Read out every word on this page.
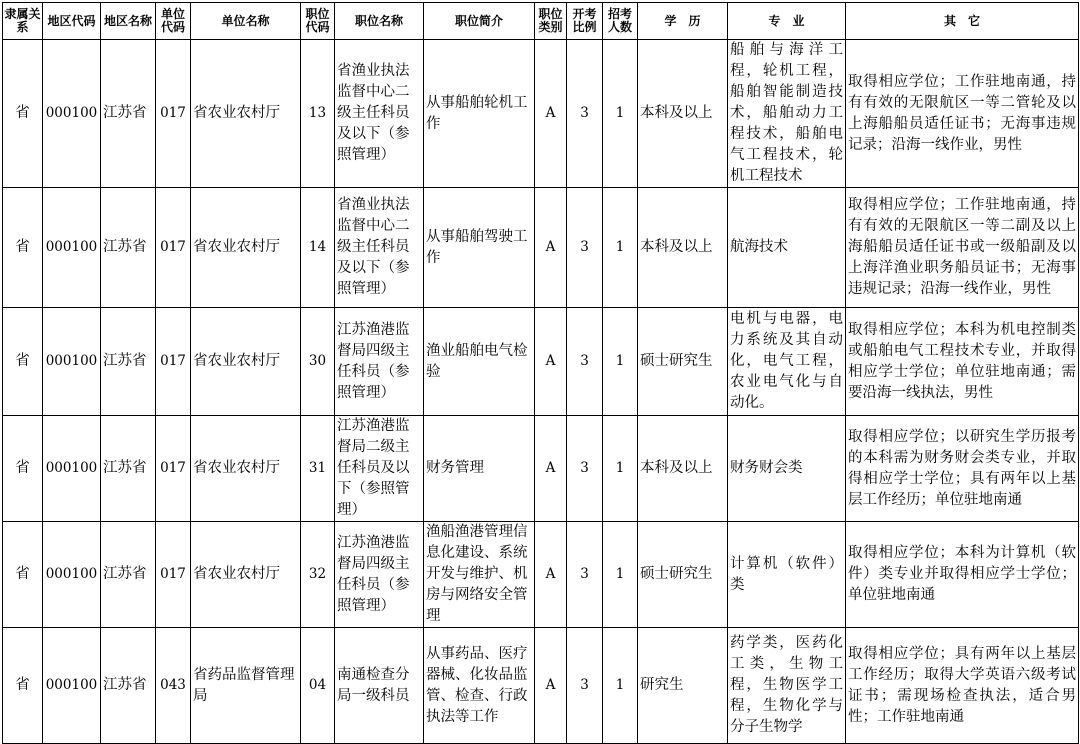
隶属关系	地区代码	地区名称	单位代码	单位名称	职位代码	职位名称	职位简介	职位类别	开考比例	招考人数	学　历	专　业	其　它
省	000100	江苏省	017	省农业农村厅	13	省渔业执法监督中心二级主任科员及以下（参照管理）	从事船舶轮机工作	A	3	1	本科及以上	船舶与海洋工程，轮机工程，船舶智能制造技术，船舶动力工程技术，船舶电气工程技术，轮机工程技术	取得相应学位；工作驻地南通，持有有效的无限航区一等二管轮及以上海船船员适任证书；无海事违规记录；沿海一线作业，男性
省	000100	江苏省	017	省农业农村厅	14	省渔业执法监督中心二级主任科员及以下（参照管理）	从事船舶驾驶工作	A	3	1	本科及以上	航海技术	取得相应学位；工作驻地南通，持有有效的无限航区一等二副及以上海船船员适任证书或一级船副及以上海洋渔业职务船员证书；无海事违规记录；沿海一线作业，男性
省	000100	江苏省	017	省农业农村厅	30	江苏渔港监督局四级主任科员（参照管理）	渔业船舶电气检验	A	3	1	硕士研究生	电机与电器，电力系统及其自动化，电气工程，农业电气化与自动化。	取得相应学位；本科为机电控制类或船舶电气工程技术专业，并取得相应学士学位；单位驻地南通；需要沿海一线执法，男性
省	000100	江苏省	017	省农业农村厅	31	江苏渔港监督局二级主任科员及以下（参照管理）	财务管理	A	3	1	本科及以上	财务财会类	取得相应学位；以研究生学历报考的本科需为财务财会类专业，并取得相应学士学位；具有两年以上基层工作经历；单位驻地南通
省	000100	江苏省	017	省农业农村厅	32	江苏渔港监督局四级主任科员（参照管理）	渔船渔港管理信息化建设、系统开发与维护、机房与网络安全管理	A	3	1	硕士研究生	计算机（软件）类	取得相应学位；本科为计算机（软件）类专业并取得相应学士学位；单位驻地南通
省	000100	江苏省	043	省药品监督管理局	04	南通检查分局一级科员	从事药品、医疗器械、化妆品监管、检查、行政执法等工作	A	3	1	研究生	药学类，医药化工类，生物工程，生物医学工程，生物化学与分子生物学	取得相应学位；具有两年以上基层工作经历；取得大学英语六级考试证书；需现场检查执法，适合男性；工作驻地南通
